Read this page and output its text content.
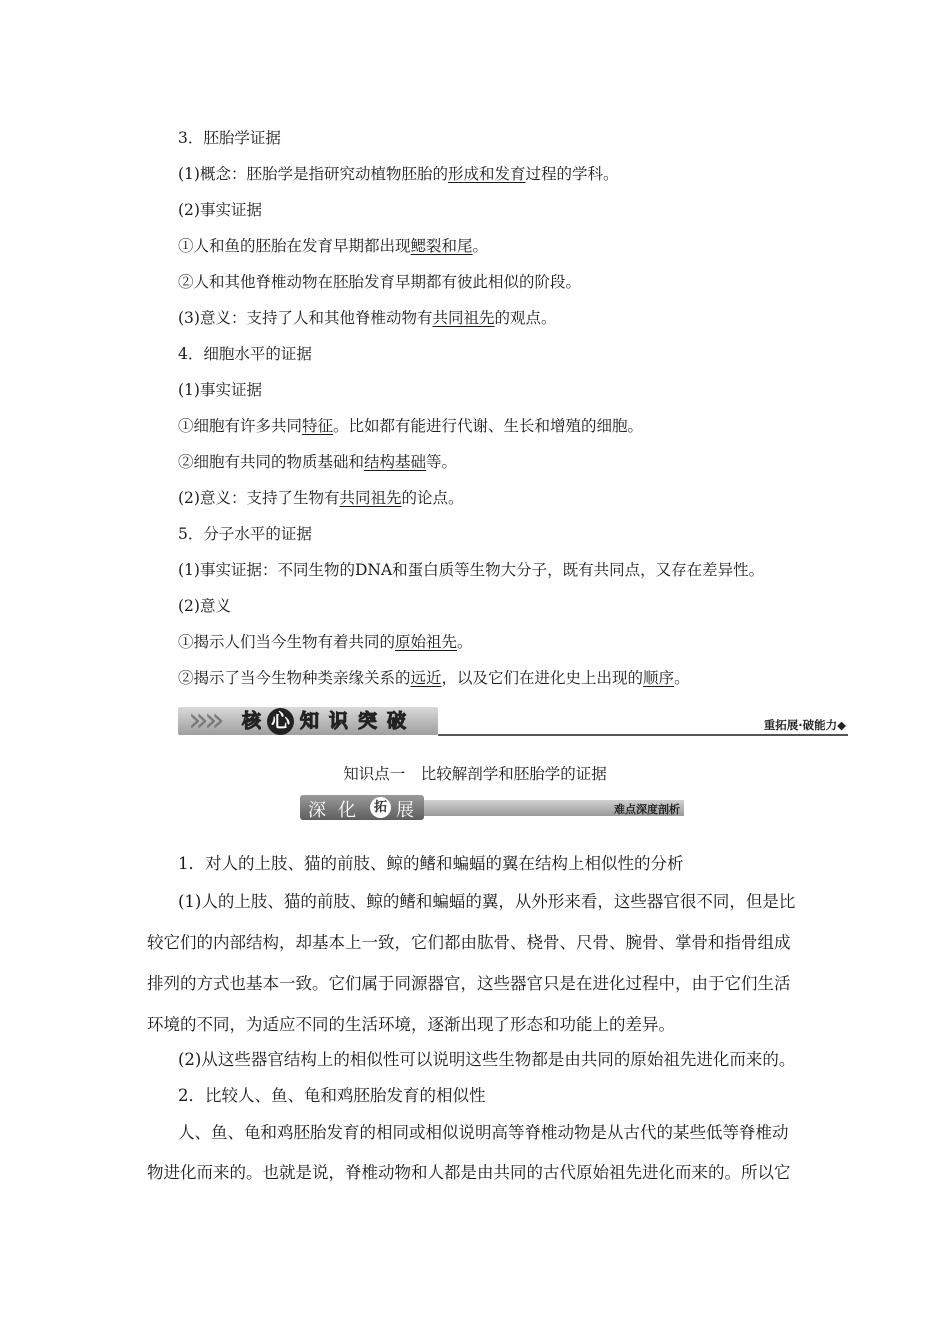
3．胚胎学证据
(1)概念：胚胎学是指研究动植物胚胎的形成和发育过程的学科。
(2)事实证据
①人和鱼的胚胎在发育早期都出现鳃裂和尾。
②人和其他脊椎动物在胚胎发育早期都有彼此相似的阶段。
(3)意义：支持了人和其他脊椎动物有共同祖先的观点。
4．细胞水平的证据
(1)事实证据
①细胞有许多共同特征。比如都有能进行代谢、生长和增殖的细胞。
②细胞有共同的物质基础和结构基础等。
(2)意义：支持了生物有共同祖先的论点。
5．分子水平的证据
(1)事实证据：不同生物的DNA和蛋白质等生物大分子，既有共同点，又存在差异性。
(2)意义
①揭示人们当今生物有着共同的原始祖先。
②揭示了当今生物种类亲缘关系的远近，以及它们在进化史上出现的顺序。
»
» 核 心 知 识 突 破	重拓展·破能力◆
知识点一　比较解剖学和胚胎学的证据
深 化	拓 展	难点深度剖析
1．对人的上肢、猫的前肢、鲸的鳍和蝙蝠的翼在结构上相似性的分析
(1)人的上肢、猫的前肢、鲸的鳍和蝙蝠的翼，从外形来看，这些器官很不同，但是比
较它们的内部结构，却基本上一致，它们都由肱骨、桡骨、尺骨、腕骨、掌骨和指骨组成
排列的方式也基本一致。它们属于同源器官，这些器官只是在进化过程中，由于它们生活
环境的不同，为适应不同的生活环境，逐渐出现了形态和功能上的差异。
(2)从这些器官结构上的相似性可以说明这些生物都是由共同的原始祖先进化而来的。
2．比较人、鱼、龟和鸡胚胎发育的相似性
人、鱼、龟和鸡胚胎发育的相同或相似说明高等脊椎动物是从古代的某些低等脊椎动
物进化而来的。也就是说，脊椎动物和人都是由共同的古代原始祖先进化而来的。所以它
